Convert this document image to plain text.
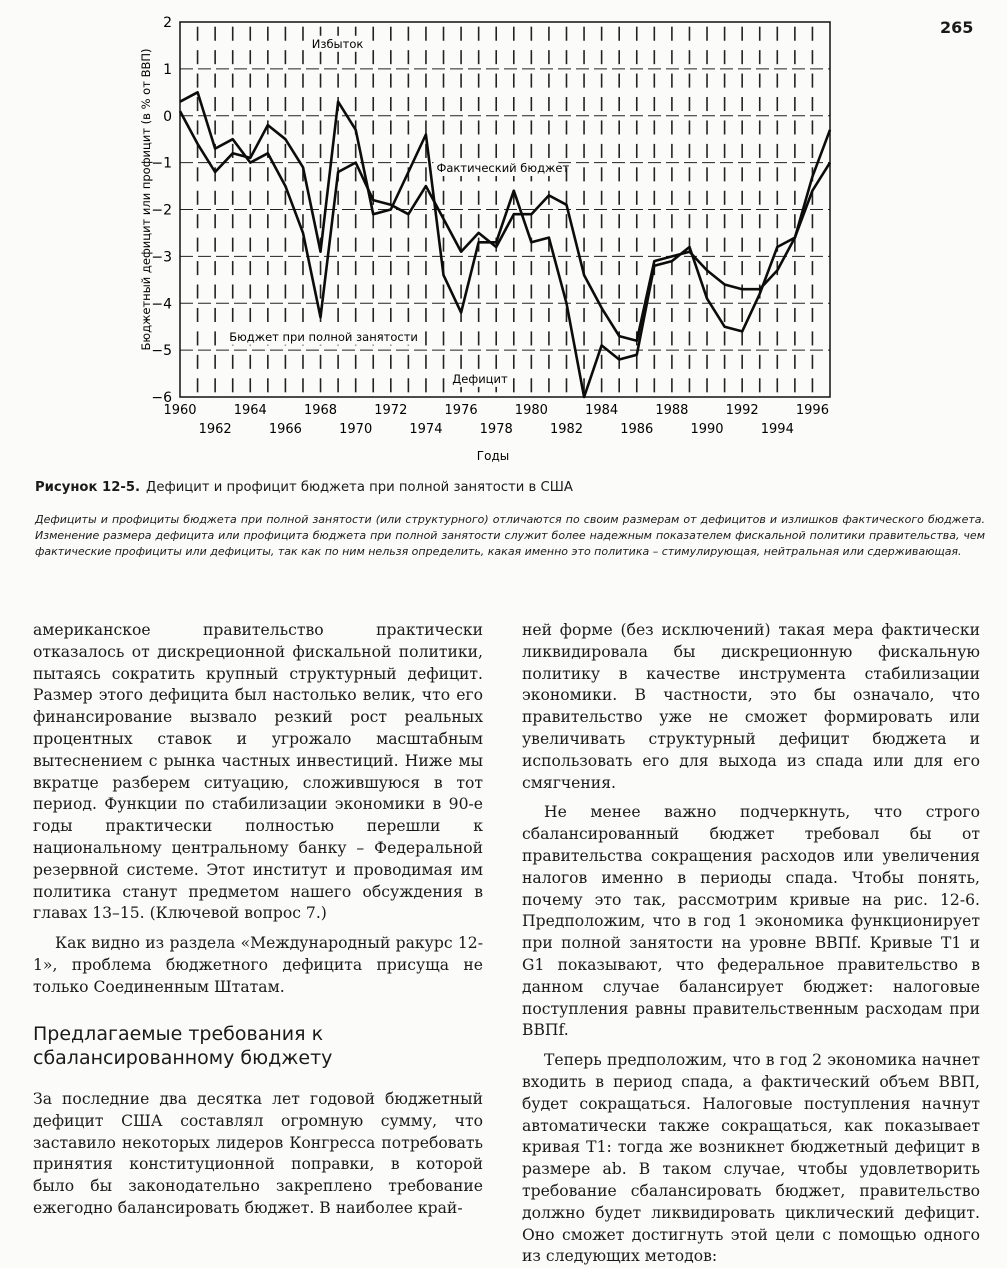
265
2
1
0
−1
−2
−3
−4
−5
−6
1960	1964	1968	1972	1976	1980	1984	1988	1992	1996
1962	1966	1970	1974	1978	1982	1986	1990	1994
Годы
Бюджетный дефицит или профицит (в % от ВВП)
Избыток
Фактический бюджет
Бюджет при полной занятости
Дефицит
Рисунок 12-5. Дефицит и профицит бюджета при полной занятости в США
Дефициты и профициты бюджета при полной занятости (или структурного) отличаются по своим размерам от дефицитов и излишков фактического бюджета. Изменение размера дефицита или профицита бюджета при полной занятости служит более надежным показателем фискальной политики правительства, чем фактические профициты или дефициты, так как по ним нельзя определить, какая именно это политика – стимулирующая, нейтральная или сдерживающая.

американское правительство практически отказалось от дискреционной фискальной политики, пытаясь сократить крупный структурный дефицит. Размер этого дефицита был настолько велик, что его финансирование вызвало резкий рост реальных процентных ставок и угрожало масштабным вытеснением с рынка частных инвестиций. Ниже мы вкратце разберем ситуацию, сложившуюся в тот период. Функции по стабилизации экономики в 90-е годы практически полностью перешли к национальному центральному банку – Федеральной резервной системе. Этот институт и проводимая им политика станут предметом нашего обсуждения в главах 13–15. (Ключевой вопрос 7.)

Как видно из раздела «Международный ракурс 12-1», проблема бюджетного дефицита присуща не только Соединенным Штатам.

Предлагаемые требования к сбалансированному бюджету

За последние два десятка лет годовой бюджетный дефицит США составлял огромную сумму, что заставило некоторых лидеров Конгресса потребовать принятия конституционной поправки, в которой было бы законодательно закреплено требование ежегодно балансировать бюджет. В наиболее край-

ней форме (без исключений) такая мера фактически ликвидировала бы дискреционную фискальную политику в качестве инструмента стабилизации экономики. В частности, это бы означало, что правительство уже не сможет формировать или увеличивать структурный дефицит бюджета и использовать его для выхода из спада или для его смягчения.

Не менее важно подчеркнуть, что строго сбалансированный бюджет требовал бы от правительства сокращения расходов или увеличения налогов именно в периоды спада. Чтобы понять, почему это так, рассмотрим кривые на рис. 12-6. Предположим, что в год 1 экономика функционирует при полной занятости на уровне ВВПf. Кривые T1 и G1 показывают, что федеральное правительство в данном случае балансирует бюджет: налоговые поступления равны правительственным расходам при ВВПf.

Теперь предположим, что в год 2 экономика начнет входить в период спада, а фактический объем ВВП, будет сокращаться. Налоговые поступления начнут автоматически также сокращаться, как показывает кривая T1: тогда же возникнет бюджетный дефицит в размере ab. В таком случае, чтобы удовлетворить требование сбалансировать бюджет, правительство должно будет ликвидировать циклический дефицит. Оно сможет достигнуть этой цели с помощью одного из следующих методов:
